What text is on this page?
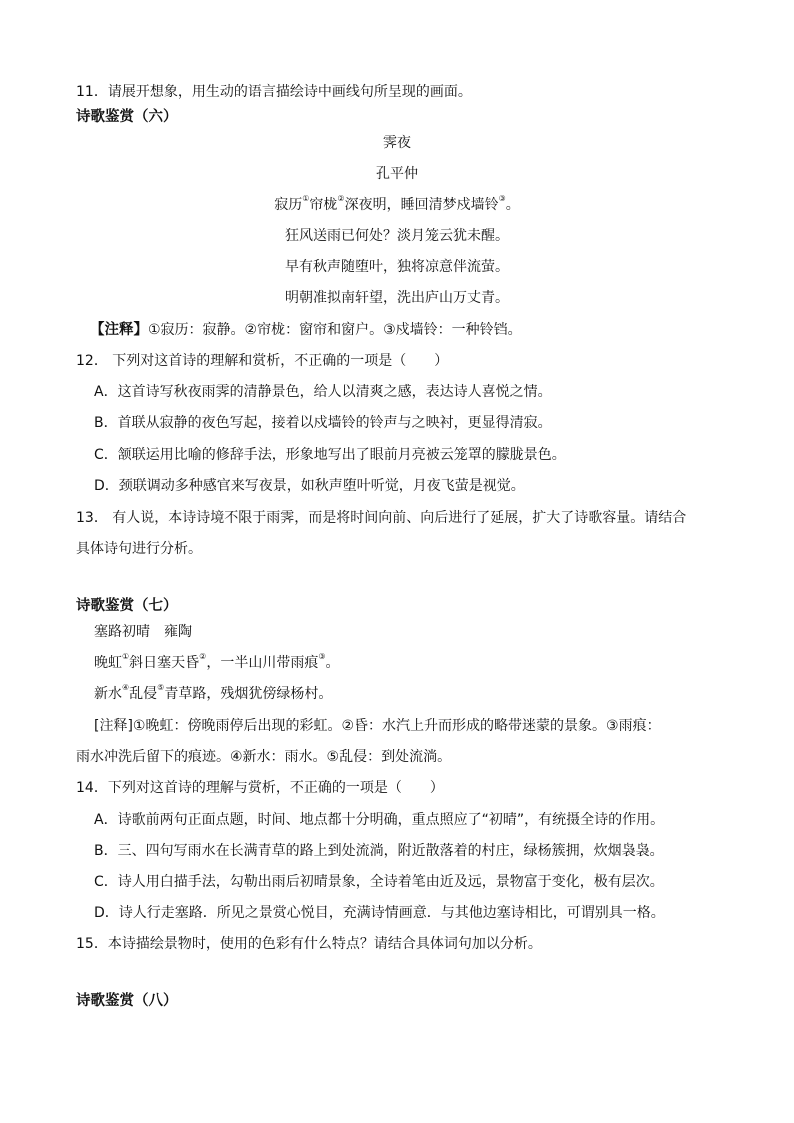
11．请展开想象，用生动的语言描绘诗中画线句所呈现的画面。
诗歌鉴赏（六）
霁夜
孔平仲
寂历①帘栊②深夜明，睡回清梦戍墙铃③。
狂风送雨已何处？淡月笼云犹未醒。
早有秋声随堕叶，独将凉意伴流萤。
明朝准拟南轩望，洗出庐山万丈青。
【注释】①寂历：寂静。②帘栊：窗帘和窗户。③戍墙铃：一种铃铛。
12． 下列对这首诗的理解和赏析，不正确的一项是（　　）
A．这首诗写秋夜雨霁的清静景色，给人以清爽之感，表达诗人喜悦之情。
B．首联从寂静的夜色写起，接着以戍墙铃的铃声与之映衬，更显得清寂。
C．颔联运用比喻的修辞手法，形象地写出了眼前月亮被云笼罩的朦胧景色。
D．颈联调动多种感官来写夜景，如秋声堕叶听觉，月夜飞萤是视觉。
13． 有人说，本诗诗境不限于雨霁，而是将时间向前、向后进行了延展，扩大了诗歌容量。请结合
具体诗句进行分析。
诗歌鉴赏（七）
塞路初晴　雍陶
晚虹①斜日塞天昏②，一半山川带雨痕③。
新水④乱侵⑤青草路，残烟犹傍绿杨村。
[注释]①晚虹：傍晚雨停后出现的彩虹。②昏：水汽上升而形成的略带迷蒙的景象。③雨痕：
雨水冲洗后留下的痕迹。④新水：雨水。⑤乱侵：到处流淌。
14．下列对这首诗的理解与赏析，不正确的一项是（　　）
A．诗歌前两句正面点题，时间、地点都十分明确，重点照应了“初晴”，有统摄全诗的作用。
B．三、四句写雨水在长满青草的路上到处流淌，附近散落着的村庄，绿杨簇拥，炊烟袅袅。
C．诗人用白描手法，勾勒出雨后初晴景象，全诗着笔由近及远，景物富于变化，极有层次。
D．诗人行走塞路．所见之景赏心悦目，充满诗情画意．与其他边塞诗相比，可谓别具一格。
15．本诗描绘景物时，使用的色彩有什么特点？请结合具体词句加以分析。
诗歌鉴赏（八）
